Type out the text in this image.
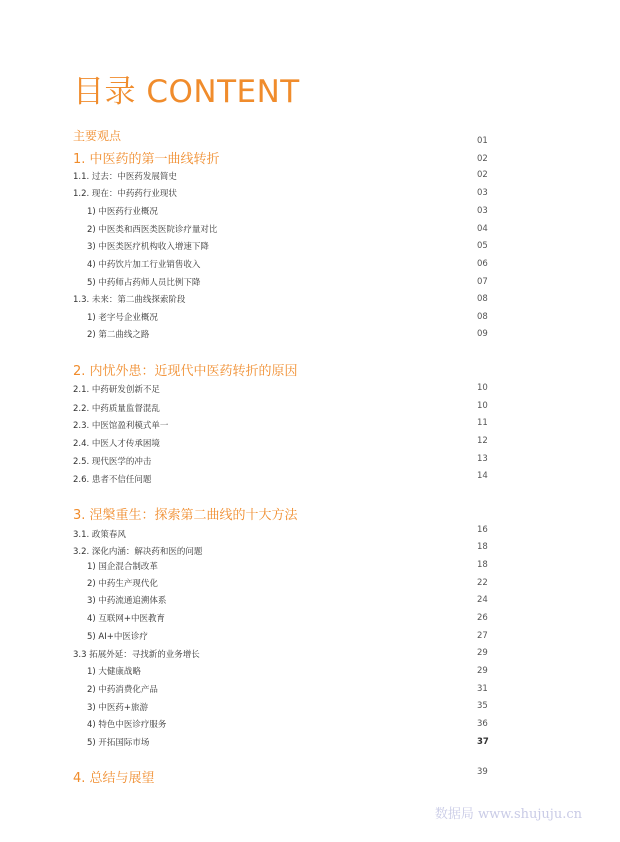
目录 CONTENT
主要观点	01
1. 中医药的第一曲线转折	02
1.1. 过去：中医药发展简史	02
1.2. 现在：中药药行业现状	03
1) 中医药行业概况	03
2) 中医类和西医类医院诊疗量对比	04
3) 中医类医疗机构收入增速下降	05
4) 中药饮片加工行业销售收入	06
5) 中药师占药师人员比例下降	07
1.3. 未来：第二曲线探索阶段	08
1) 老字号企业概况	08
2) 第二曲线之路	09
2. 内忧外患：近现代中医药转折的原因
2.1. 中药研发创新不足	10
2.2. 中药质量监督混乱	10
2.3. 中医馆盈利模式单一	11
2.4. 中医人才传承困境	12
2.5. 现代医学的冲击	13
2.6. 患者不信任问题	14
3. 涅槃重生：探索第二曲线的十大方法
3.1. 政策春风	16
3.2. 深化内涵：解决药和医的问题	18
1) 国企混合制改革	18
2) 中药生产现代化	22
3) 中药流通追溯体系	24
4) 互联网+中医教育	26
5) AI+中医诊疗	27
3.3 拓展外延：寻找新的业务增长	29
1) 大健康战略	29
2) 中药消费化产品	31
3) 中医药+旅游	35
4) 特色中医诊疗服务	36
5) 开拓国际市场	37
4. 总结与展望	39
数据局 www.shujuju.cn
